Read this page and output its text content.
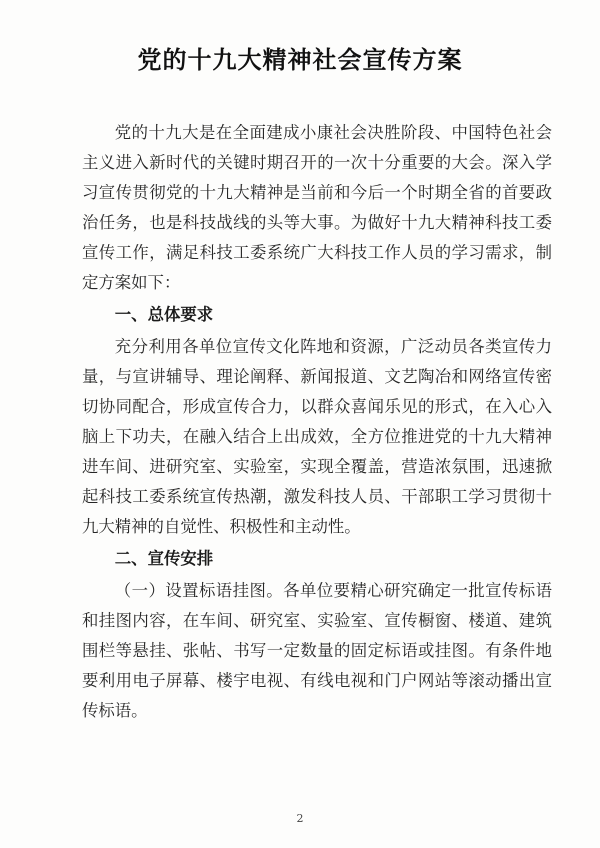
党的十九大精神社会宣传方案

党的十九大是在全面建成小康社会决胜阶段、中国特色社会主义进入新时代的关键时期召开的一次十分重要的大会。深入学习宣传贯彻党的十九大精神是当前和今后一个时期全省的首要政治任务，也是科技战线的头等大事。为做好十九大精神科技工委宣传工作，满足科技工委系统广大科技工作人员的学习需求，制定方案如下：

一、总体要求

充分利用各单位宣传文化阵地和资源，广泛动员各类宣传力量，与宣讲辅导、理论阐释、新闻报道、文艺陶冶和网络宣传密切协同配合，形成宣传合力，以群众喜闻乐见的形式，在入心入脑上下功夫，在融入结合上出成效，全方位推进党的十九大精神进车间、进研究室、实验室，实现全覆盖，营造浓氛围，迅速掀起科技工委系统宣传热潮，激发科技人员、干部职工学习贯彻十九大精神的自觉性、积极性和主动性。

二、宣传安排

（一）设置标语挂图。各单位要精心研究确定一批宣传标语和挂图内容，在车间、研究室、实验室、宣传橱窗、楼道、建筑围栏等悬挂、张帖、书写一定数量的固定标语或挂图。有条件地要利用电子屏幕、楼宇电视、有线电视和门户网站等滚动播出宣传标语。

2
